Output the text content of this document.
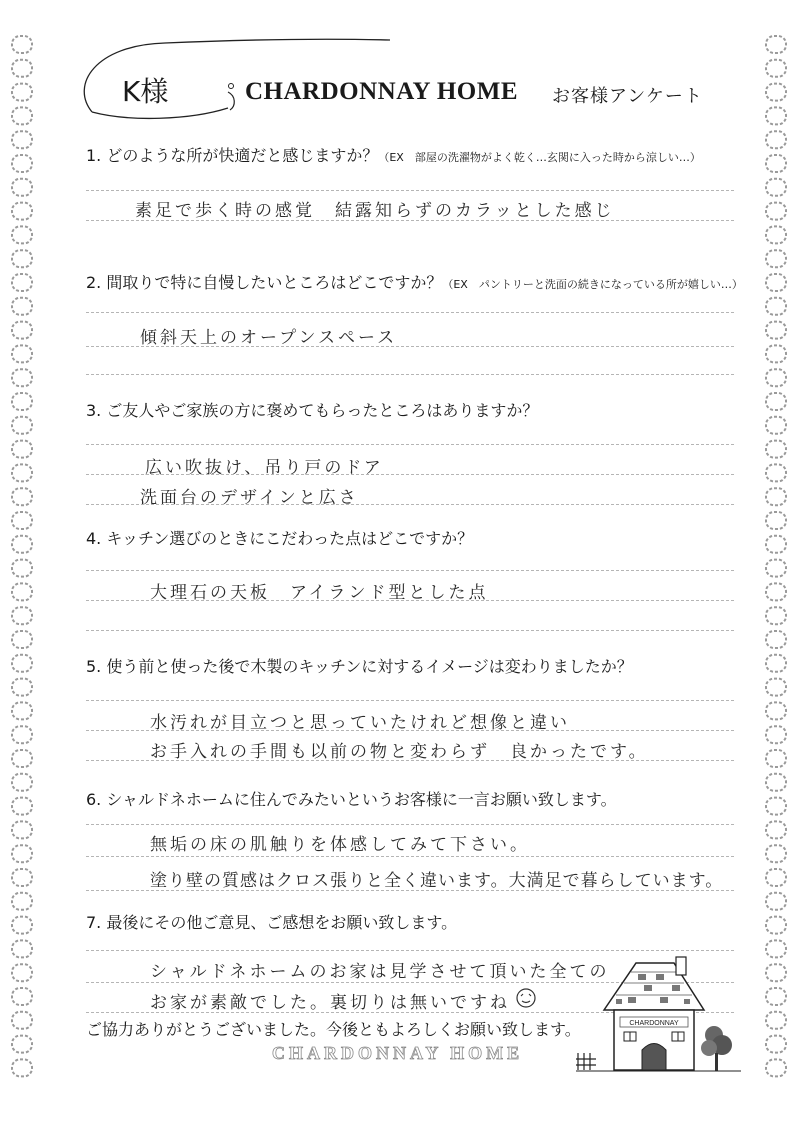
K様	CHARDONNAY HOME お客様アンケート
1. どのような所が快適だと感じますか？（EX　部屋の洗濯物がよく乾く…玄関に入った時から涼しい…）
素足で歩く時の感覚　結露知らずのカラッとした感じ
2. 間取りで特に自慢したいところはどこですか？（EX　パントリーと洗面の続きになっている所が嬉しい…）
傾斜天上のオープンスペース
3. ご友人やご家族の方に褒めてもらったところはありますか？
広い吹抜け、吊り戸のドア
洗面台のデザインと広さ
4. キッチン選びのときにこだわった点はどこですか？
大理石の天板　アイランド型とした点
5. 使う前と使った後で木製のキッチンに対するイメージは変わりましたか？
水汚れが目立つと思っていたけれど想像と違い
お手入れの手間も以前の物と変わらず　良かったです。
6. シャルドネホームに住んでみたいというお客様に一言お願い致します。
無垢の床の肌触りを体感してみて下さい。
塗り壁の質感はクロス張りと全く違います。大満足で暮らしています。
7. 最後にその他ご意見、ご感想をお願い致します。
シャルドネホームのお家は見学させて頂いた全ての
お家が素敵でした。裏切りは無いですね
ご協力ありがとうございました。今後ともよろしくお願い致します。
CHARDONNAY HOME
CHARDONNAY
